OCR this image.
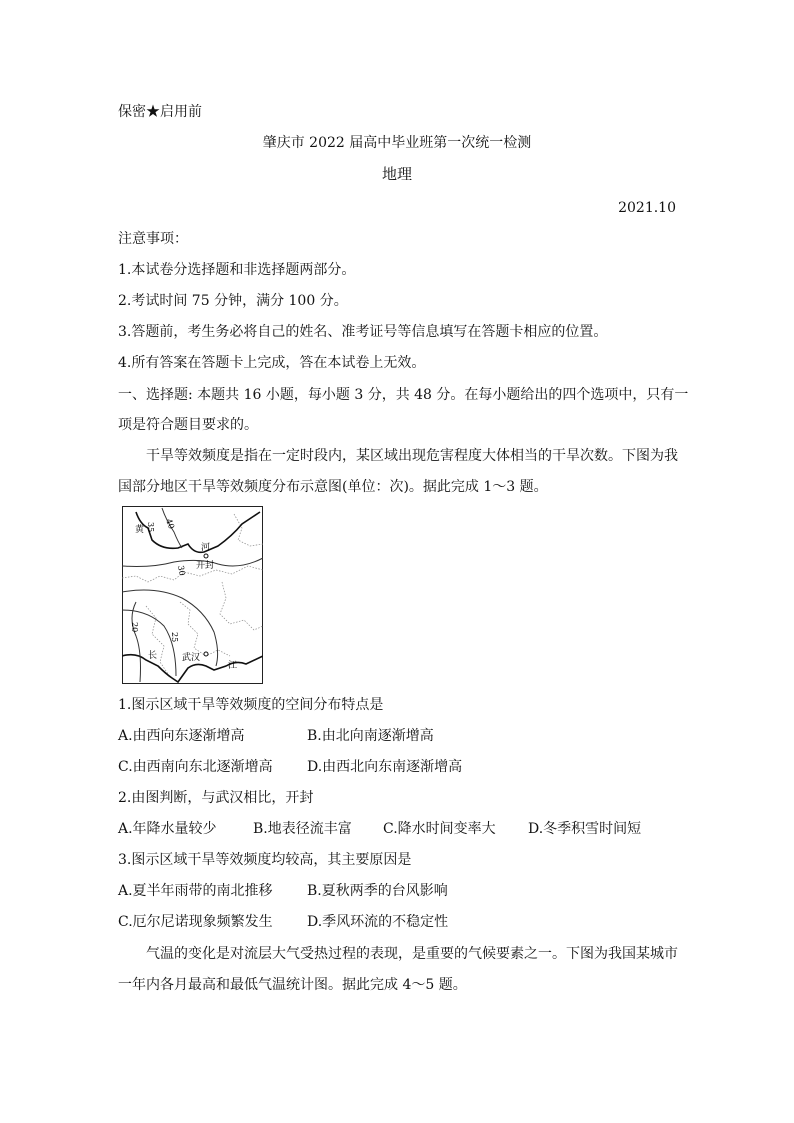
保密★启用前
肇庆市 2022 届高中毕业班第一次统一检测
地理
2021.10
注意事项：
1.本试卷分选择题和非选择题两部分。
2.考试时间 75 分钟，满分 100 分。
3.答题前，考生务必将自己的姓名、准考证号等信息填写在答题卡相应的位置。
4.所有答案在答题卡上完成，答在本试卷上无效。
一、选择题: 本题共 16 小题，每小题 3 分，共 48 分。在每小题给出的四个选项中，只有一
项是符合题目要求的。
干旱等效频度是指在一定时段内，某区域出现危害程度大体相当的干旱次数。下图为我
国部分地区干旱等效频度分布示意图(单位：次)。据此完成 1～3 题。
黄
河
开封
长
江
武汉
40
35
30
25
20
1.图示区域干旱等效频度的空间分布特点是
A.由西向东逐渐增高	B.由北向南逐渐增高
C.由西南向东北逐渐增高 D.由西北向东南逐渐增高
2.由图判断，与武汉相比，开封
A.年降水量较少	B.地表径流丰富 C.降水时间变率大 D.冬季积雪时间短
3.图示区域干旱等效频度均较高，其主要原因是
A.夏半年雨带的南北推移 B.夏秋两季的台风影响
C.厄尔尼诺现象频繁发生 D.季风环流的不稳定性
气温的变化是对流层大气受热过程的表现，是重要的气候要素之一。下图为我国某城市
一年内各月最高和最低气温统计图。据此完成 4～5 题。
